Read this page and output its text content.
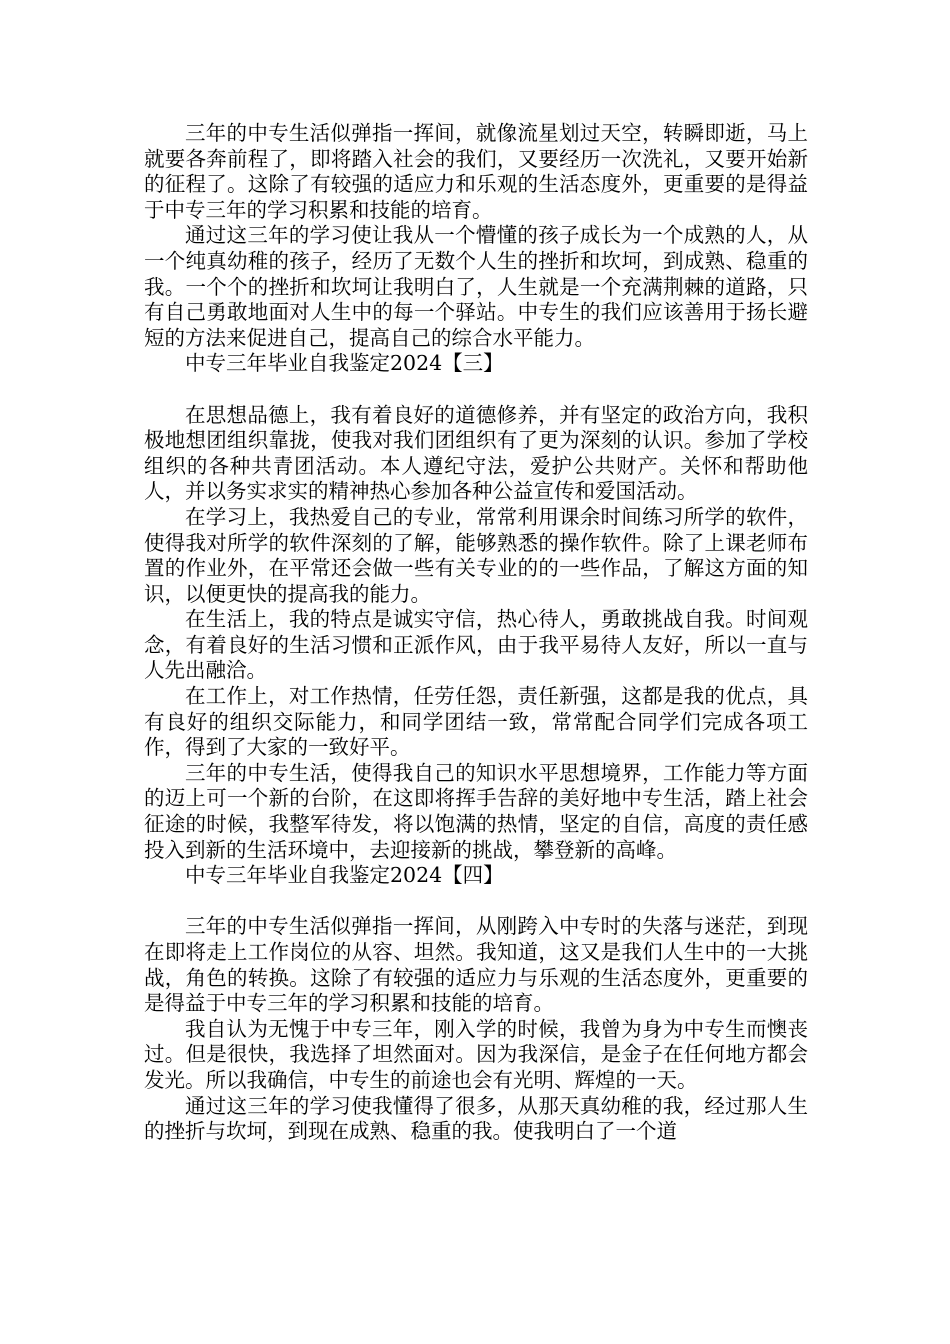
三年的中专生活似弹指一挥间，就像流星划过天空，转瞬即逝，马上就要各奔前程了，即将踏入社会的我们，又要经历一次洗礼，又要开始新的征程了。这除了有较强的适应力和乐观的生活态度外，更重要的是得益于中专三年的学习积累和技能的培育。

通过这三年的学习使让我从一个懵懂的孩子成长为一个成熟的人，从一个纯真幼稚的孩子，经历了无数个人生的挫折和坎坷，到成熟、稳重的我。一个个的挫折和坎坷让我明白了，人生就是一个充满荆棘的道路，只有自己勇敢地面对人生中的每一个驿站。中专生的我们应该善用于扬长避短的方法来促进自己，提高自己的综合水平能力。

中专三年毕业自我鉴定2024【三】

在思想品德上，我有着良好的道德修养，并有坚定的政治方向，我积极地想团组织靠拢，使我对我们团组织有了更为深刻的认识。参加了学校组织的各种共青团活动。本人遵纪守法，爱护公共财产。关怀和帮助他人，并以务实求实的精神热心参加各种公益宣传和爱国活动。

在学习上，我热爱自己的专业，常常利用课余时间练习所学的软件，使得我对所学的软件深刻的了解，能够熟悉的操作软件。除了上课老师布置的作业外，在平常还会做一些有关专业的的一些作品，了解这方面的知识，以便更快的提高我的能力。

在生活上，我的特点是诚实守信，热心待人，勇敢挑战自我。时间观念，有着良好的生活习惯和正派作风，由于我平易待人友好，所以一直与人先出融洽。

在工作上，对工作热情，任劳任怨，责任新强，这都是我的优点，具有良好的组织交际能力，和同学团结一致，常常配合同学们完成各项工作，得到了大家的一致好平。

三年的中专生活，使得我自己的知识水平思想境界，工作能力等方面的迈上可一个新的台阶，在这即将挥手告辞的美好地中专生活，踏上社会征途的时候，我整军待发，将以饱满的热情，坚定的自信，高度的责任感投入到新的生活环境中，去迎接新的挑战，攀登新的高峰。

中专三年毕业自我鉴定2024【四】

三年的中专生活似弹指一挥间，从刚跨入中专时的失落与迷茫，到现在即将走上工作岗位的从容、坦然。我知道，这又是我们人生中的一大挑战，角色的转换。这除了有较强的适应力与乐观的生活态度外，更重要的是得益于中专三年的学习积累和技能的培育。

我自认为无愧于中专三年，刚入学的时候，我曾为身为中专生而懊丧过。但是很快，我选择了坦然面对。因为我深信，是金子在任何地方都会发光。所以我确信，中专生的前途也会有光明、辉煌的一天。

通过这三年的学习使我懂得了很多，从那天真幼稚的我，经过那人生的挫折与坎坷，到现在成熟、稳重的我。使我明白了一个道
